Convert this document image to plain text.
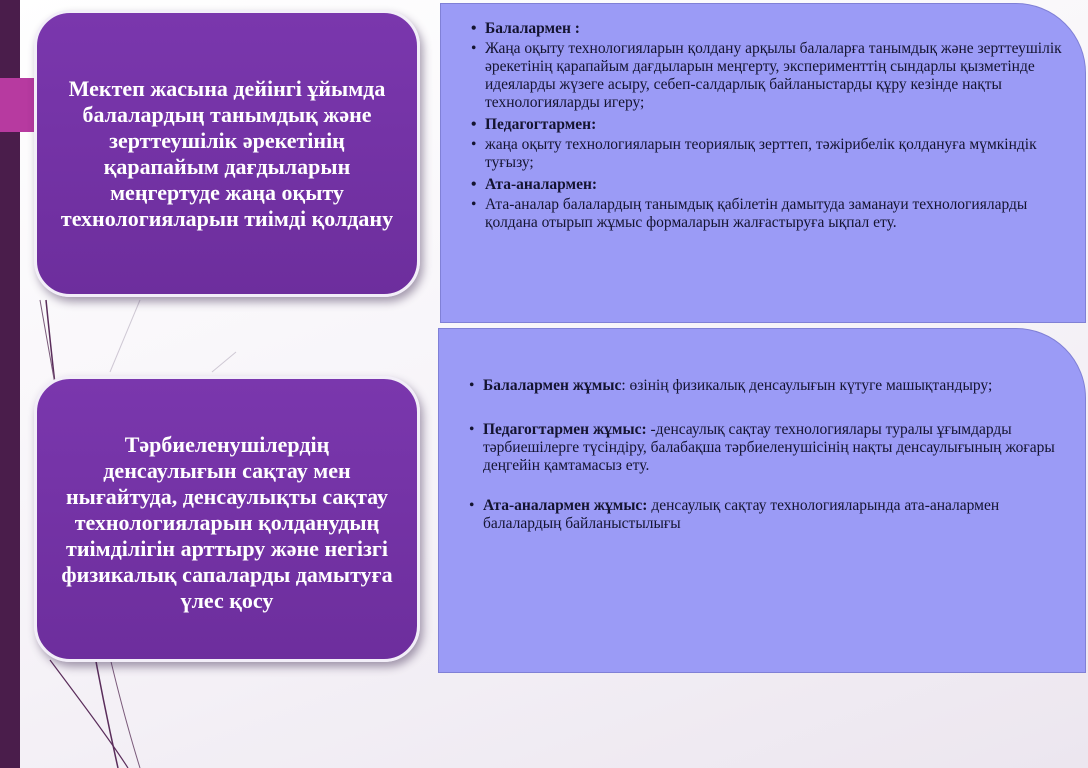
Мектеп жасына дейінгі ұйымда балалардың танымдық және зерттеушілік әрекетінің қарапайым дағдыларын меңгертуде жаңа оқыту технологияларын тиімді қолдану
• Балалармен :
• Жаңа оқыту технологияларын қолдану арқылы балаларға танымдық және зерттеушілік әрекетінің қарапайым дағдыларын меңгерту, эксперименттің сындарлы қызметінде идеяларды жүзеге асыру, себеп-салдарлық байланыстарды құру кезінде нақты технологияларды игеру;
• Педагогтармен:
• жаңа оқыту технологияларын теориялық зерттеп, тәжірибелік қолдануға мүмкіндік туғызу;
• Ата-аналармен:
• Ата-аналар балалардың танымдық қабілетін дамытуда заманауи технологияларды қолдана отырып жұмыс формаларын жалғастыруға ықпал ету.
Тәрбиеленушілердің денсаулығын сақтау мен нығайтуда, денсаулықты сақтау технологияларын қолданудың тиімділігін арттыру және негізгі физикалық сапаларды дамытуға үлес қосу
• Балалармен жұмыс: өзінің физикалық денсаулығын күтуге машықтандыру;
• Педагогтармен жұмыс: -денсаулық сақтау технологиялары туралы ұғымдарды тәрбиешілерге түсіндіру, балабақша тәрбиеленушісінің нақты денсаулығының жоғары деңгейін қамтамасыз ету.
• Ата-аналармен жұмыс: денсаулық сақтау технологияларында ата-аналармен балалардың байланыстылығы
